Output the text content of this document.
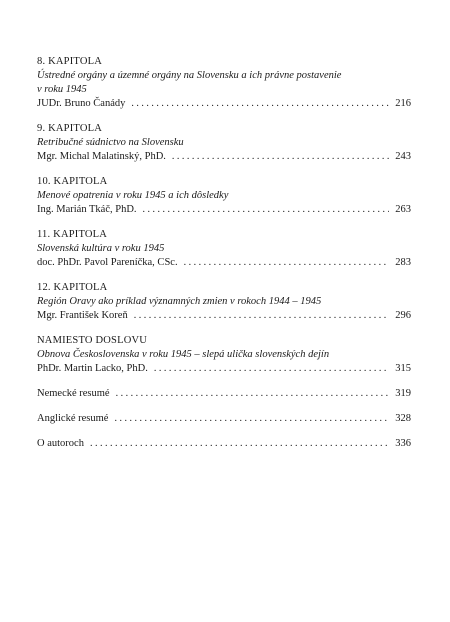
8. KAPITOLA
Ústredné orgány a územné orgány na Slovensku a ich právne postavenie
v roku 1945
JUDr. Bruno Čanády . . .	216
9. KAPITOLA
Retribučné súdnictvo na Slovensku
Mgr. Michal Malatinský, PhD. . . .	243
10. KAPITOLA
Menové opatrenia v roku 1945 a ich dôsledky
Ing. Marián Tkáč, PhD. . . .	263
11. KAPITOLA
Slovenská kultúra v roku 1945
doc. PhDr. Pavol Pareníčka, CSc. . . .	283
12. KAPITOLA
Región Oravy ako príklad významných zmien v rokoch 1944 – 1945
Mgr. František Koreň . . .	296
NAMIESTO DOSLOVU
Obnova Československa v roku 1945 – slepá ulička slovenských dejín
PhDr. Martin Lacko, PhD. . . .	315
Nemecké resumé . . .	319
Anglické resumé . . .	328
O autoroch . . .	336
